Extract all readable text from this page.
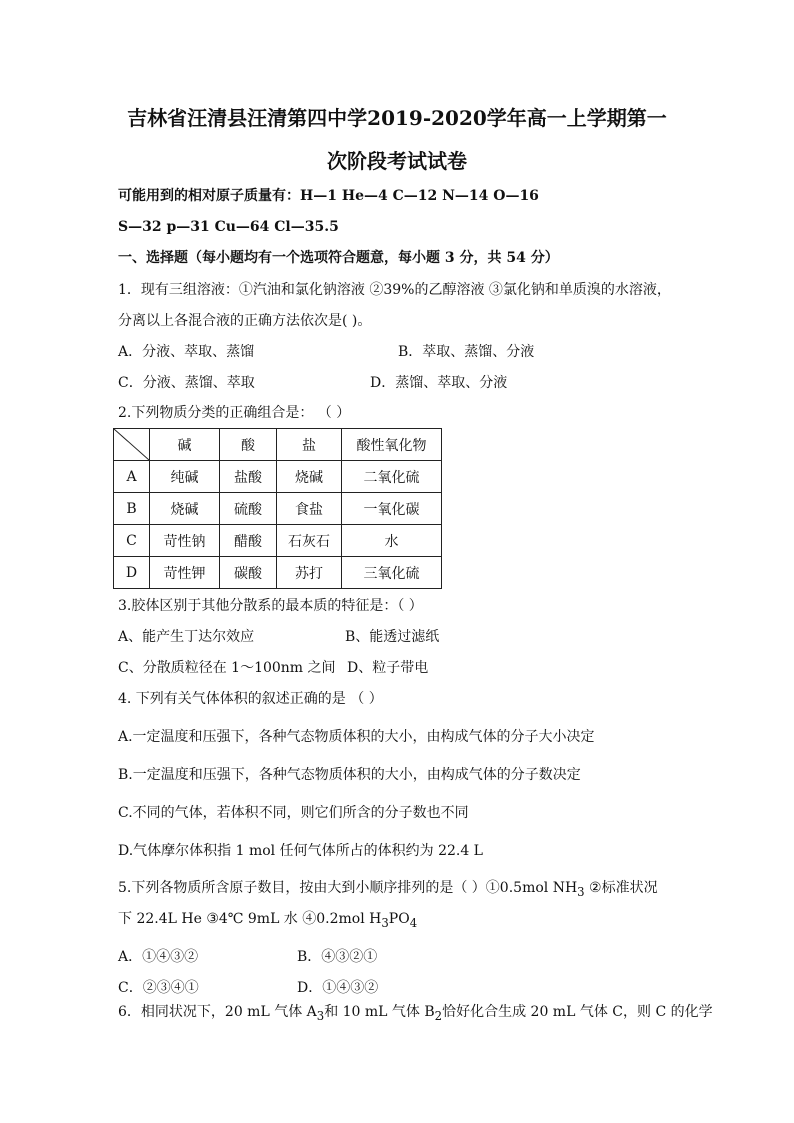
吉林省汪清县汪清第四中学2019-2020学年高一上学期第一
次阶段考试试卷
可能用到的相对原子质量有：H—1 He—4 C—12 N—14 O—16
S—32 p—31 Cu—64 Cl—35.5
一、选择题（每小题均有一个选项符合题意，每小题 3 分，共 54 分）
1．现有三组溶液：①汽油和氯化钠溶液 ②39%的乙醇溶液 ③氯化钠和单质溴的水溶液，
分离以上各混合液的正确方法依次是( )。
A．分液、萃取、蒸馏	B．萃取、蒸馏、分液
C．分液、蒸馏、萃取	D．蒸馏、萃取、分液
2.下列物质分类的正确组合是： （ ）
	碱	酸	盐	酸性氧化物
A	纯碱	盐酸	烧碱	二氧化硫
B	烧碱	硫酸	食盐	一氧化碳
C	苛性钠	醋酸	石灰石	水
D	苛性钾	碳酸	苏打	三氧化硫
3.胶体区别于其他分散系的最本质的特征是：（ ）
A、能产生丁达尔效应	B、能透过滤纸
C、分散质粒径在 1～100nm 之间 D、粒子带电
4. 下列有关气体体积的叙述正确的是 （ ）
A.一定温度和压强下，各种气态物质体积的大小，由构成气体的分子大小决定
B.一定温度和压强下，各种气态物质体积的大小，由构成气体的分子数决定
C.不同的气体，若体积不同，则它们所含的分子数也不同
D.气体摩尔体积指 1 mol 任何气体所占的体积约为 22.4 L
5.下列各物质所含原子数目，按由大到小顺序排列的是（ ）①0.5mol $NH_3$ ②标准状况
下 22.4L He ③4℃ 9mL 水 ④0.2mol $H_3PO_4$
A．①④③②	B．④③②①
C．②③④①	D．①④③②
6．相同状况下，20 mL 气体 $A_3$和 10 mL 气体 $B_2$恰好化合生成 20 mL 气体 C，则 C 的化学
